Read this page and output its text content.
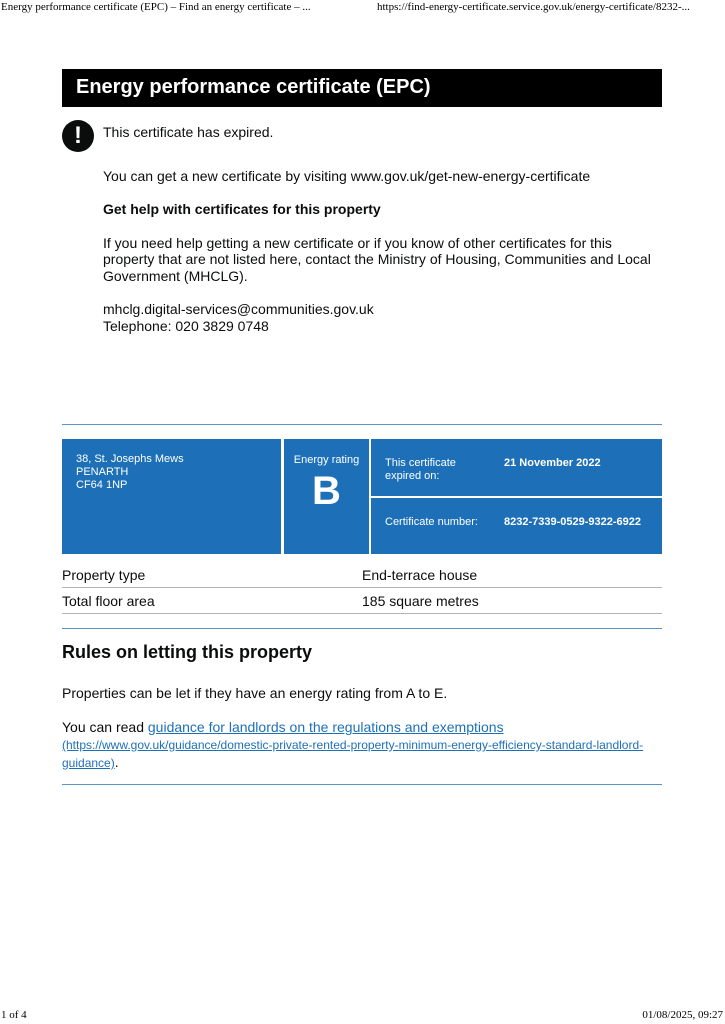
Energy performance certificate (EPC) – Find an energy certificate – ...	https://find-energy-certificate.service.gov.uk/energy-certificate/8232-...
Energy performance certificate (EPC)
!	This certificate has expired.

You can get a new certificate by visiting www.gov.uk/get-new-energy-certificate

Get help with certificates for this property

If you need help getting a new certificate or if you know of other certificates for this property that are not listed here, contact the Ministry of Housing, Communities and Local Government (MHCLG).

mhclg.digital-services@communities.gov.uk
Telephone: 020 3829 0748
38, St. Josephs Mews
PENARTH
CF64 1NP
Energy rating
B
This certificate expired on:
21 November 2022
Certificate number:	8232-7339-0529-9322-6922
Property type	End-terrace house
Total floor area	185 square metres
Rules on letting this property

Properties can be let if they have an energy rating from A to E.

You can read guidance for landlords on the regulations and exemptions (https://www.gov.uk/guidance/domestic-private-rented-property-minimum-energy-efficiency-standard-landlord-guidance).

1 of 4	01/08/2025, 09:27
